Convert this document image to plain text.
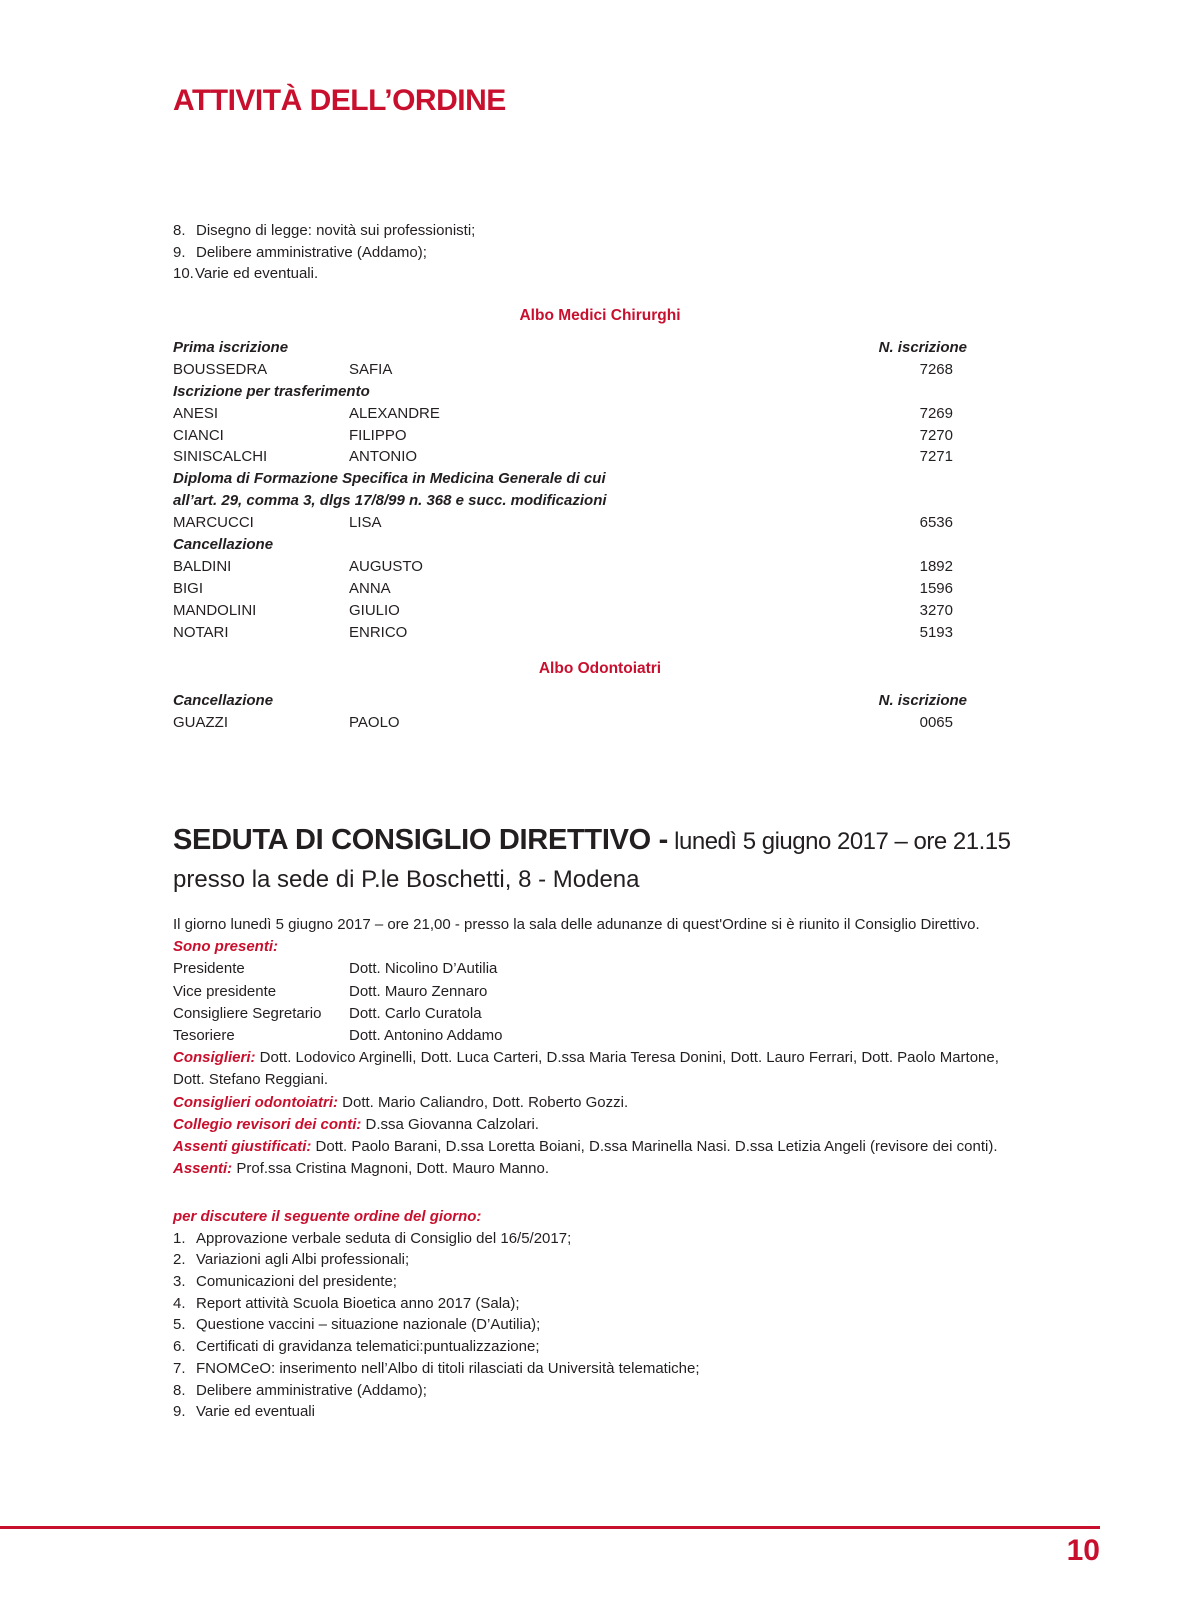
ATTIVITÀ DELL’ORDINE
8. Disegno di legge: novità sui professionisti;
9. Delibere amministrative (Addamo);
10.Varie ed eventuali.
Albo Medici Chirurghi
Prima iscrizione	N. iscrizione
BOUSSEDRA	SAFIA	7268
Iscrizione per trasferimento
ANESI	ALEXANDRE	7269
CIANCI	FILIPPO	7270
SINISCALCHI	ANTONIO	7271
Diploma di Formazione Specifica in Medicina Generale di cui
all’art. 29, comma 3, dlgs 17/8/99 n. 368 e succ. modificazioni
MARCUCCI	LISA	6536
Cancellazione
BALDINI	AUGUSTO	1892
BIGI	ANNA	1596
MANDOLINI	GIULIO	3270
NOTARI	ENRICO	5193
Albo Odontoiatri
Cancellazione	N. iscrizione
GUAZZI	PAOLO	0065
SEDUTA DI CONSIGLIO DIRETTIVO - lunedì 5 giugno 2017 – ore 21.15
presso la sede di P.le Boschetti, 8 - Modena
Il giorno lunedì 5 giugno 2017 – ore 21,00 - presso la sala delle adunanze di quest'Ordine si è riunito il Consiglio Direttivo.
Sono presenti:
Presidente	Dott. Nicolino D’Autilia
Vice presidente	Dott. Mauro Zennaro
Consigliere Segretario Dott. Carlo Curatola
Tesoriere	Dott. Antonino Addamo
Consiglieri: Dott. Lodovico Arginelli, Dott. Luca Carteri, D.ssa Maria Teresa Donini, Dott. Lauro Ferrari, Dott. Paolo Martone,
Dott. Stefano Reggiani.
Consiglieri odontoiatri: Dott. Mario Caliandro, Dott. Roberto Gozzi.
Collegio revisori dei conti: D.ssa Giovanna Calzolari.
Assenti giustificati: Dott. Paolo Barani, D.ssa Loretta Boiani, D.ssa Marinella Nasi. D.ssa Letizia Angeli (revisore dei conti).
Assenti: Prof.ssa Cristina Magnoni, Dott. Mauro Manno.
per discutere il seguente ordine del giorno:
1. Approvazione verbale seduta di Consiglio del 16/5/2017;
2. Variazioni agli Albi professionali;
3. Comunicazioni del presidente;
4. Report attività Scuola Bioetica anno 2017 (Sala);
5. Questione vaccini – situazione nazionale (D’Autilia);
6. Certificati di gravidanza telematici:puntualizzazione;
7. FNOMCeO: inserimento nell’Albo di titoli rilasciati da Università telematiche;
8. Delibere amministrative (Addamo);
9. Varie ed eventuali
10
